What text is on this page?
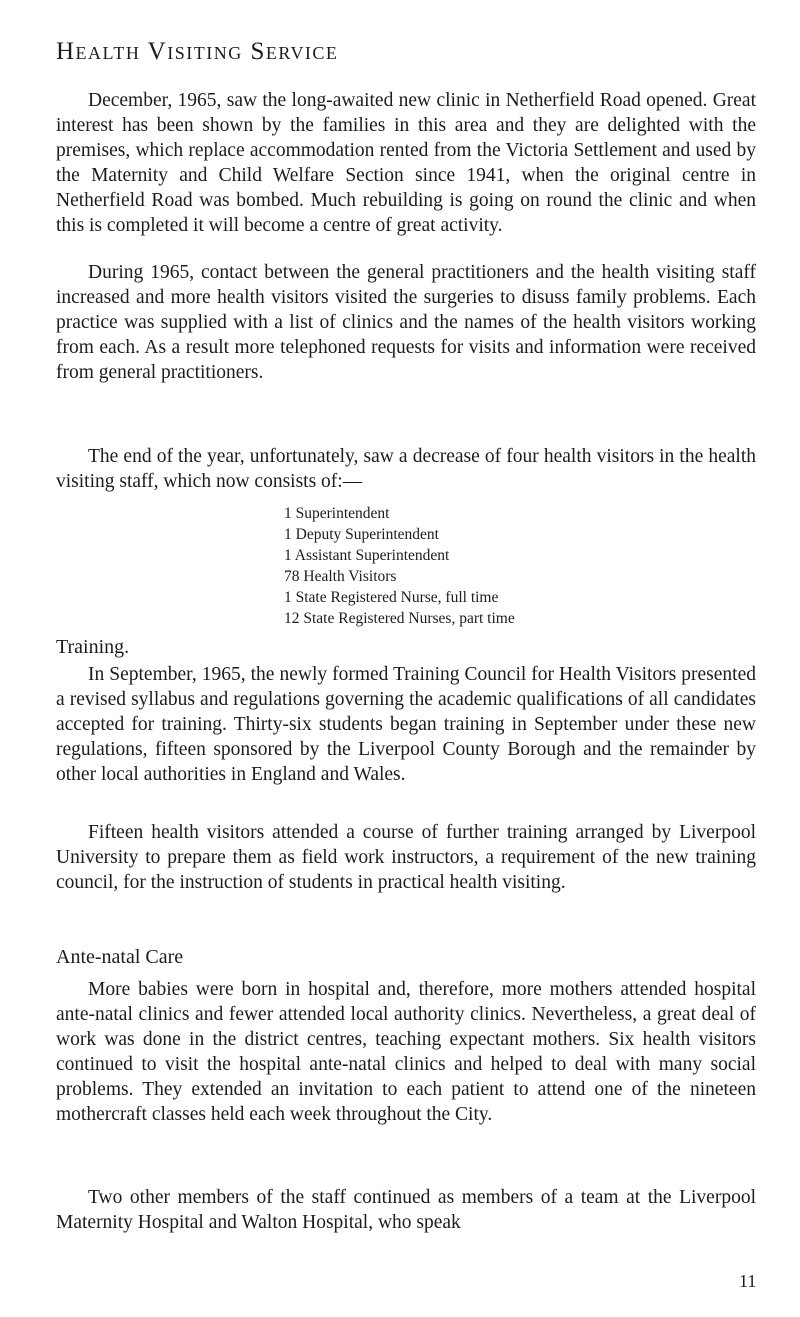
Health Visiting Service

December, 1965, saw the long-awaited new clinic in Netherfield Road opened. Great interest has been shown by the families in this area and they are delighted with the premises, which replace accommodation rented from the Victoria Settlement and used by the Maternity and Child Welfare Section since 1941, when the original centre in Netherfield Road was bombed. Much rebuilding is going on round the clinic and when this is completed it will become a centre of great activity.

During 1965, contact between the general practitioners and the health visiting staff increased and more health visitors visited the surgeries to disuss family problems. Each practice was supplied with a list of clinics and the names of the health visitors working from each. As a result more telephoned requests for visits and information were received from general practitioners.

The end of the year, unfortunately, saw a decrease of four health visitors in the health visiting staff, which now consists of:—

1 Superintendent
1 Deputy Superintendent
1 Assistant Superintendent
78 Health Visitors
1 State Registered Nurse, full time
12 State Registered Nurses, part time
Training.

In September, 1965, the newly formed Training Council for Health Visitors presented a revised syllabus and regulations governing the academic qualifications of all candidates accepted for training. Thirty-six students began training in September under these new regulations, fifteen sponsored by the Liverpool County Borough and the remainder by other local authorities in England and Wales.

Fifteen health visitors attended a course of further training arranged by Liverpool University to prepare them as field work instructors, a requirement of the new training council, for the instruction of students in practical health visiting.

Ante-natal Care

More babies were born in hospital and, therefore, more mothers attended hospital ante-natal clinics and fewer attended local authority clinics. Nevertheless, a great deal of work was done in the district centres, teaching expectant mothers. Six health visitors continued to visit the hospital ante-natal clinics and helped to deal with many social problems. They extended an invitation to each patient to attend one of the nineteen mothercraft classes held each week throughout the City.

Two other members of the staff continued as members of a team at the Liverpool Maternity Hospital and Walton Hospital, who speak

11
